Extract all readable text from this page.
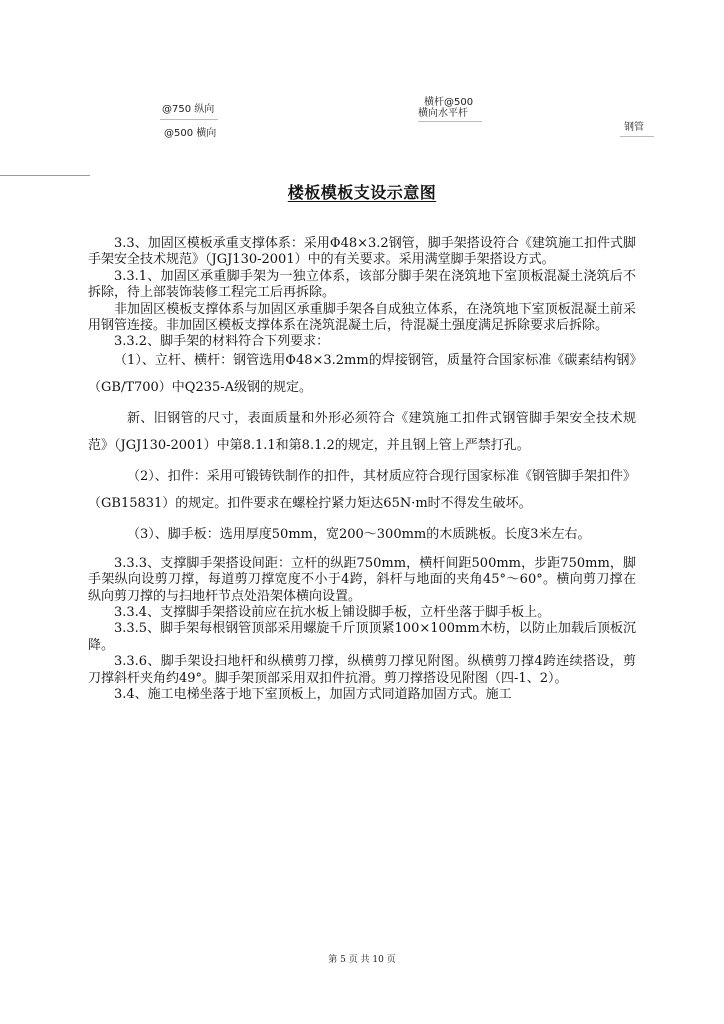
@750 纵向
@500 横向
横杆@500
横向水平杆
钢管
楼板模板支设示意图

3.3、加固区模板承重支撑体系：采用Φ48×3.2钢管，脚手架搭设符合《建筑施工扣件式脚手架安全技术规范》（JGJ130-2001）中的有关要求。采用满堂脚手架搭设方式。

3.3.1、加固区承重脚手架为一独立体系，该部分脚手架在浇筑地下室顶板混凝土浇筑后不拆除，待上部装饰装修工程完工后再拆除。

非加固区模板支撑体系与加固区承重脚手架各自成独立体系，在浇筑地下室顶板混凝土前采用钢管连接。非加固区模板支撑体系在浇筑混凝土后，待混凝土强度满足拆除要求后拆除。

3.3.2、脚手架的材料符合下列要求：

（1）、立杆、横杆：钢管选用Φ48×3.2mm的焊接钢管，质量符合国家标准《碳素结构钢》（GB/T700）中Q235-A级钢的规定。

新、旧钢管的尺寸，表面质量和外形必须符合《建筑施工扣件式钢管脚手架安全技术规范》（JGJ130-2001）中第8.1.1和第8.1.2的规定，并且钢上管上严禁打孔。

（2）、扣件：采用可锻铸铁制作的扣件，其材质应符合现行国家标准《钢管脚手架扣件》（GB15831）的规定。扣件要求在螺栓拧紧力矩达65N·m时不得发生破坏。

（3）、脚手板：选用厚度50mm，宽200～300mm的木质跳板。长度3米左右。

3.3.3、支撑脚手架搭设间距：立杆的纵距750mm，横杆间距500mm，步距750mm，脚手架纵向设剪刀撑，每道剪刀撑宽度不小于4跨，斜杆与地面的夹角45°～60°。横向剪刀撑在纵向剪刀撑的与扫地杆节点处沿架体横向设置。

3.3.4、支撑脚手架搭设前应在抗水板上铺设脚手板，立杆坐落于脚手板上。

3.3.5、脚手架每根钢管顶部采用螺旋千斤顶顶紧100×100mm木枋，以防止加载后顶板沉降。

3.3.6、脚手架设扫地杆和纵横剪刀撑，纵横剪刀撑见附图。纵横剪刀撑4跨连续搭设，剪刀撑斜杆夹角约49°。脚手架顶部采用双扣件抗滑。剪刀撑搭设见附图（四-1、2）。

3.4、施工电梯坐落于地下室顶板上，加固方式同道路加固方式。施工

第 5 页 共 10 页
